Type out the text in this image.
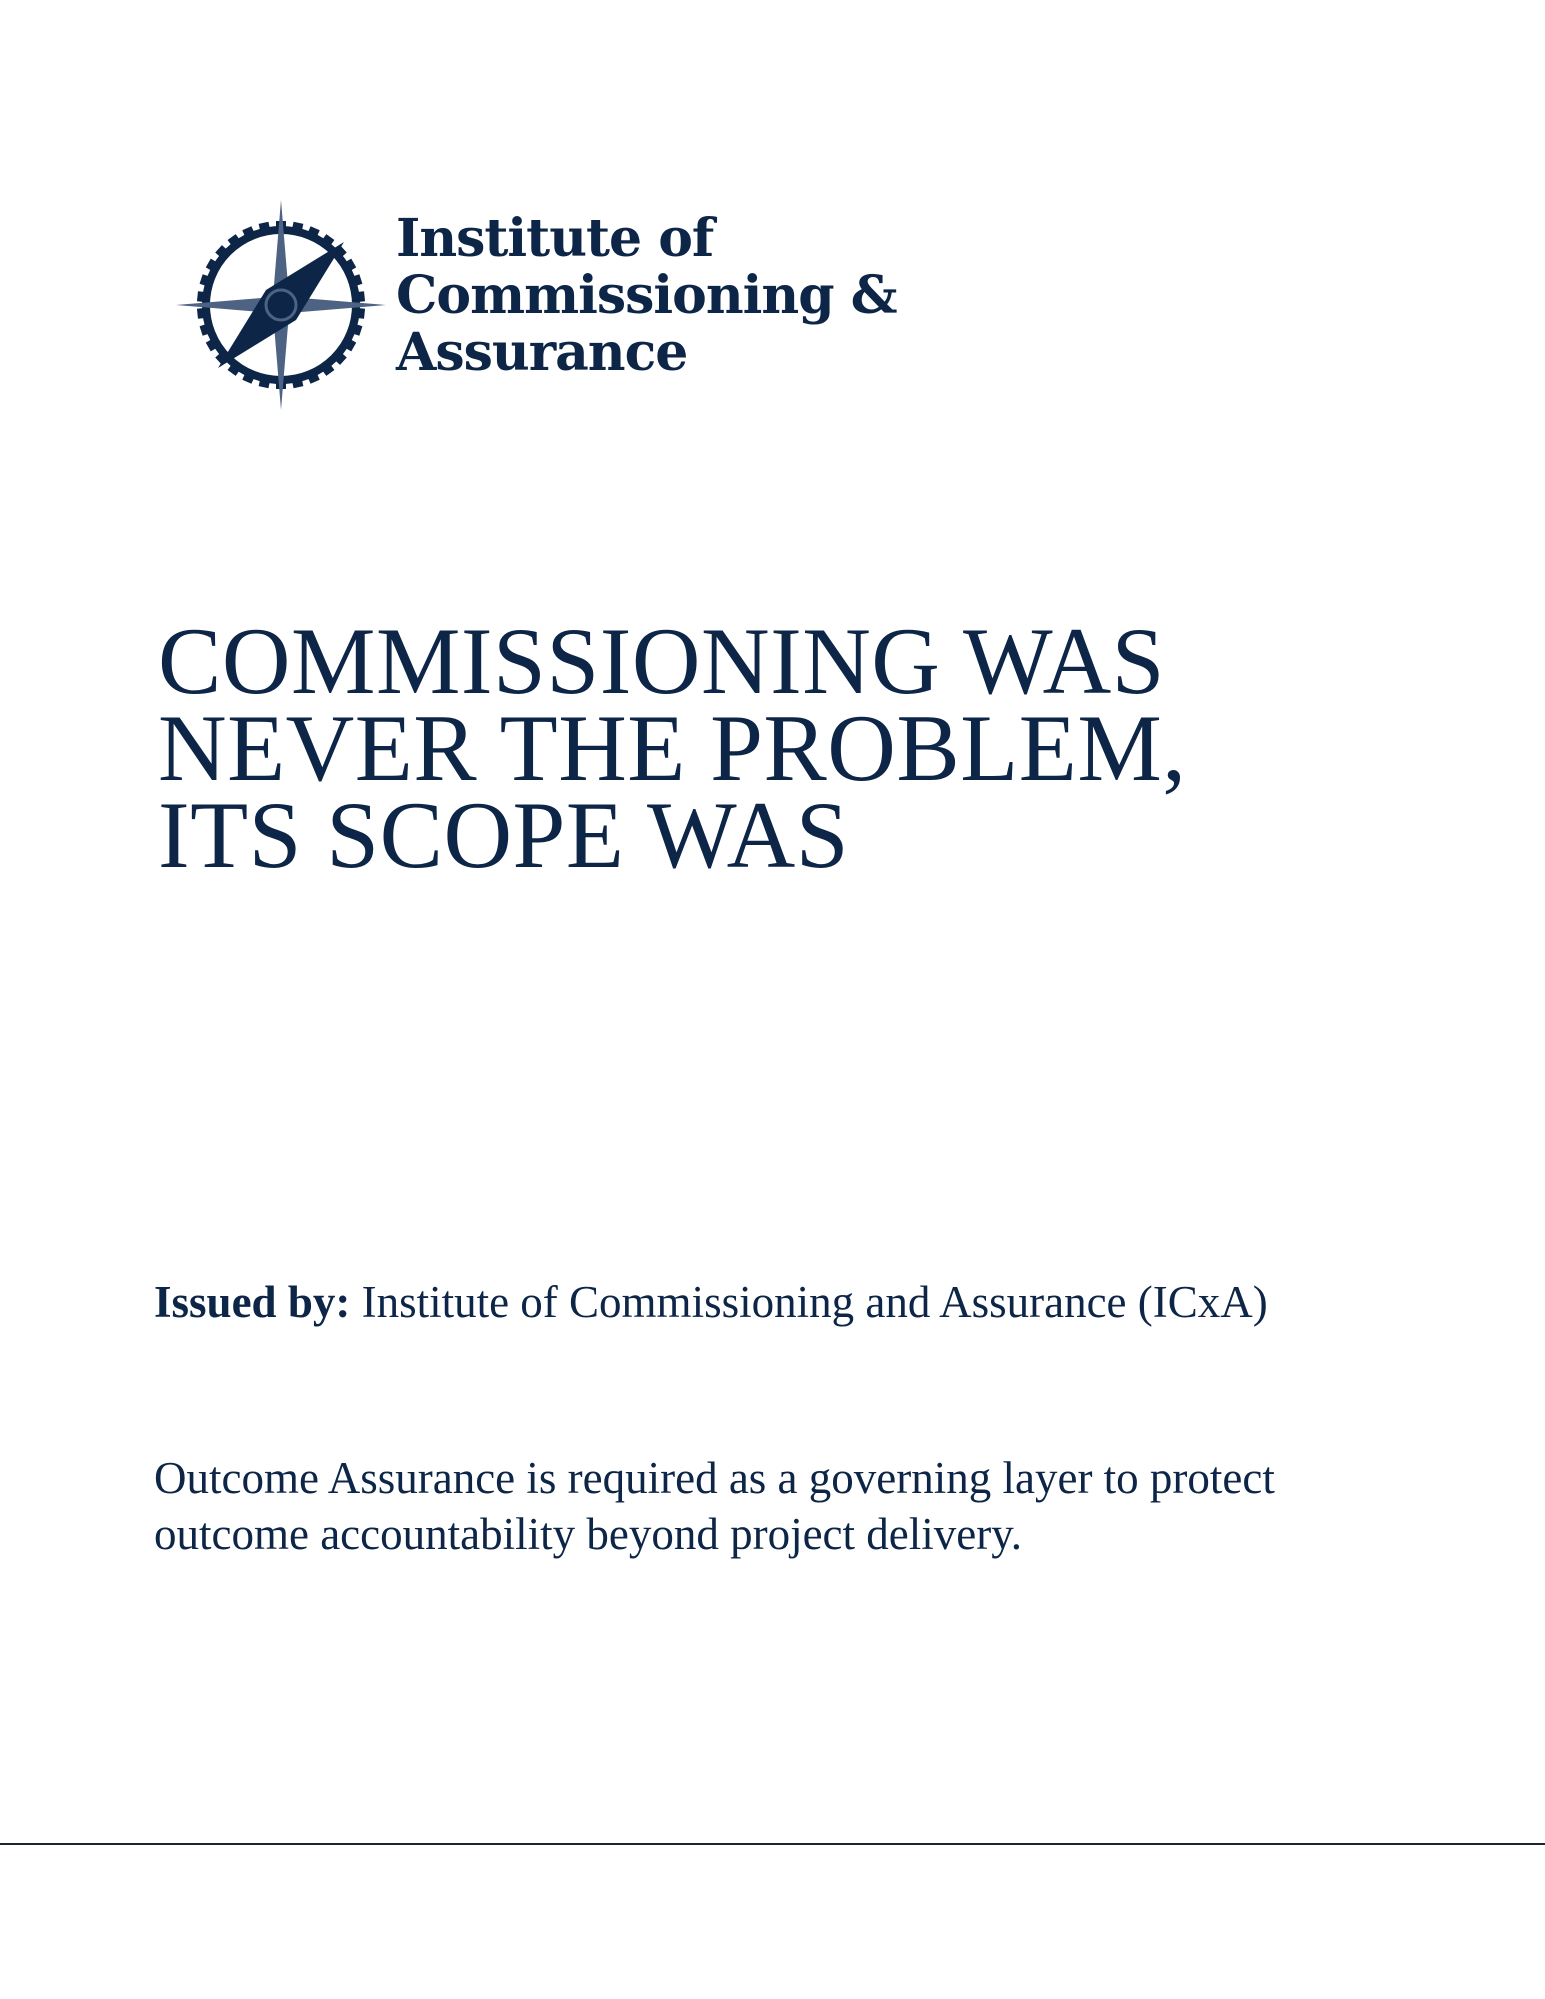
Institute of
Commissioning &
Assurance
COMMISSIONING WAS
NEVER THE PROBLEM,
ITS SCOPE WAS

Issued by: Institute of Commissioning and Assurance (ICxA)

Outcome Assurance is required as a governing layer to protect outcome accountability beyond project delivery.
